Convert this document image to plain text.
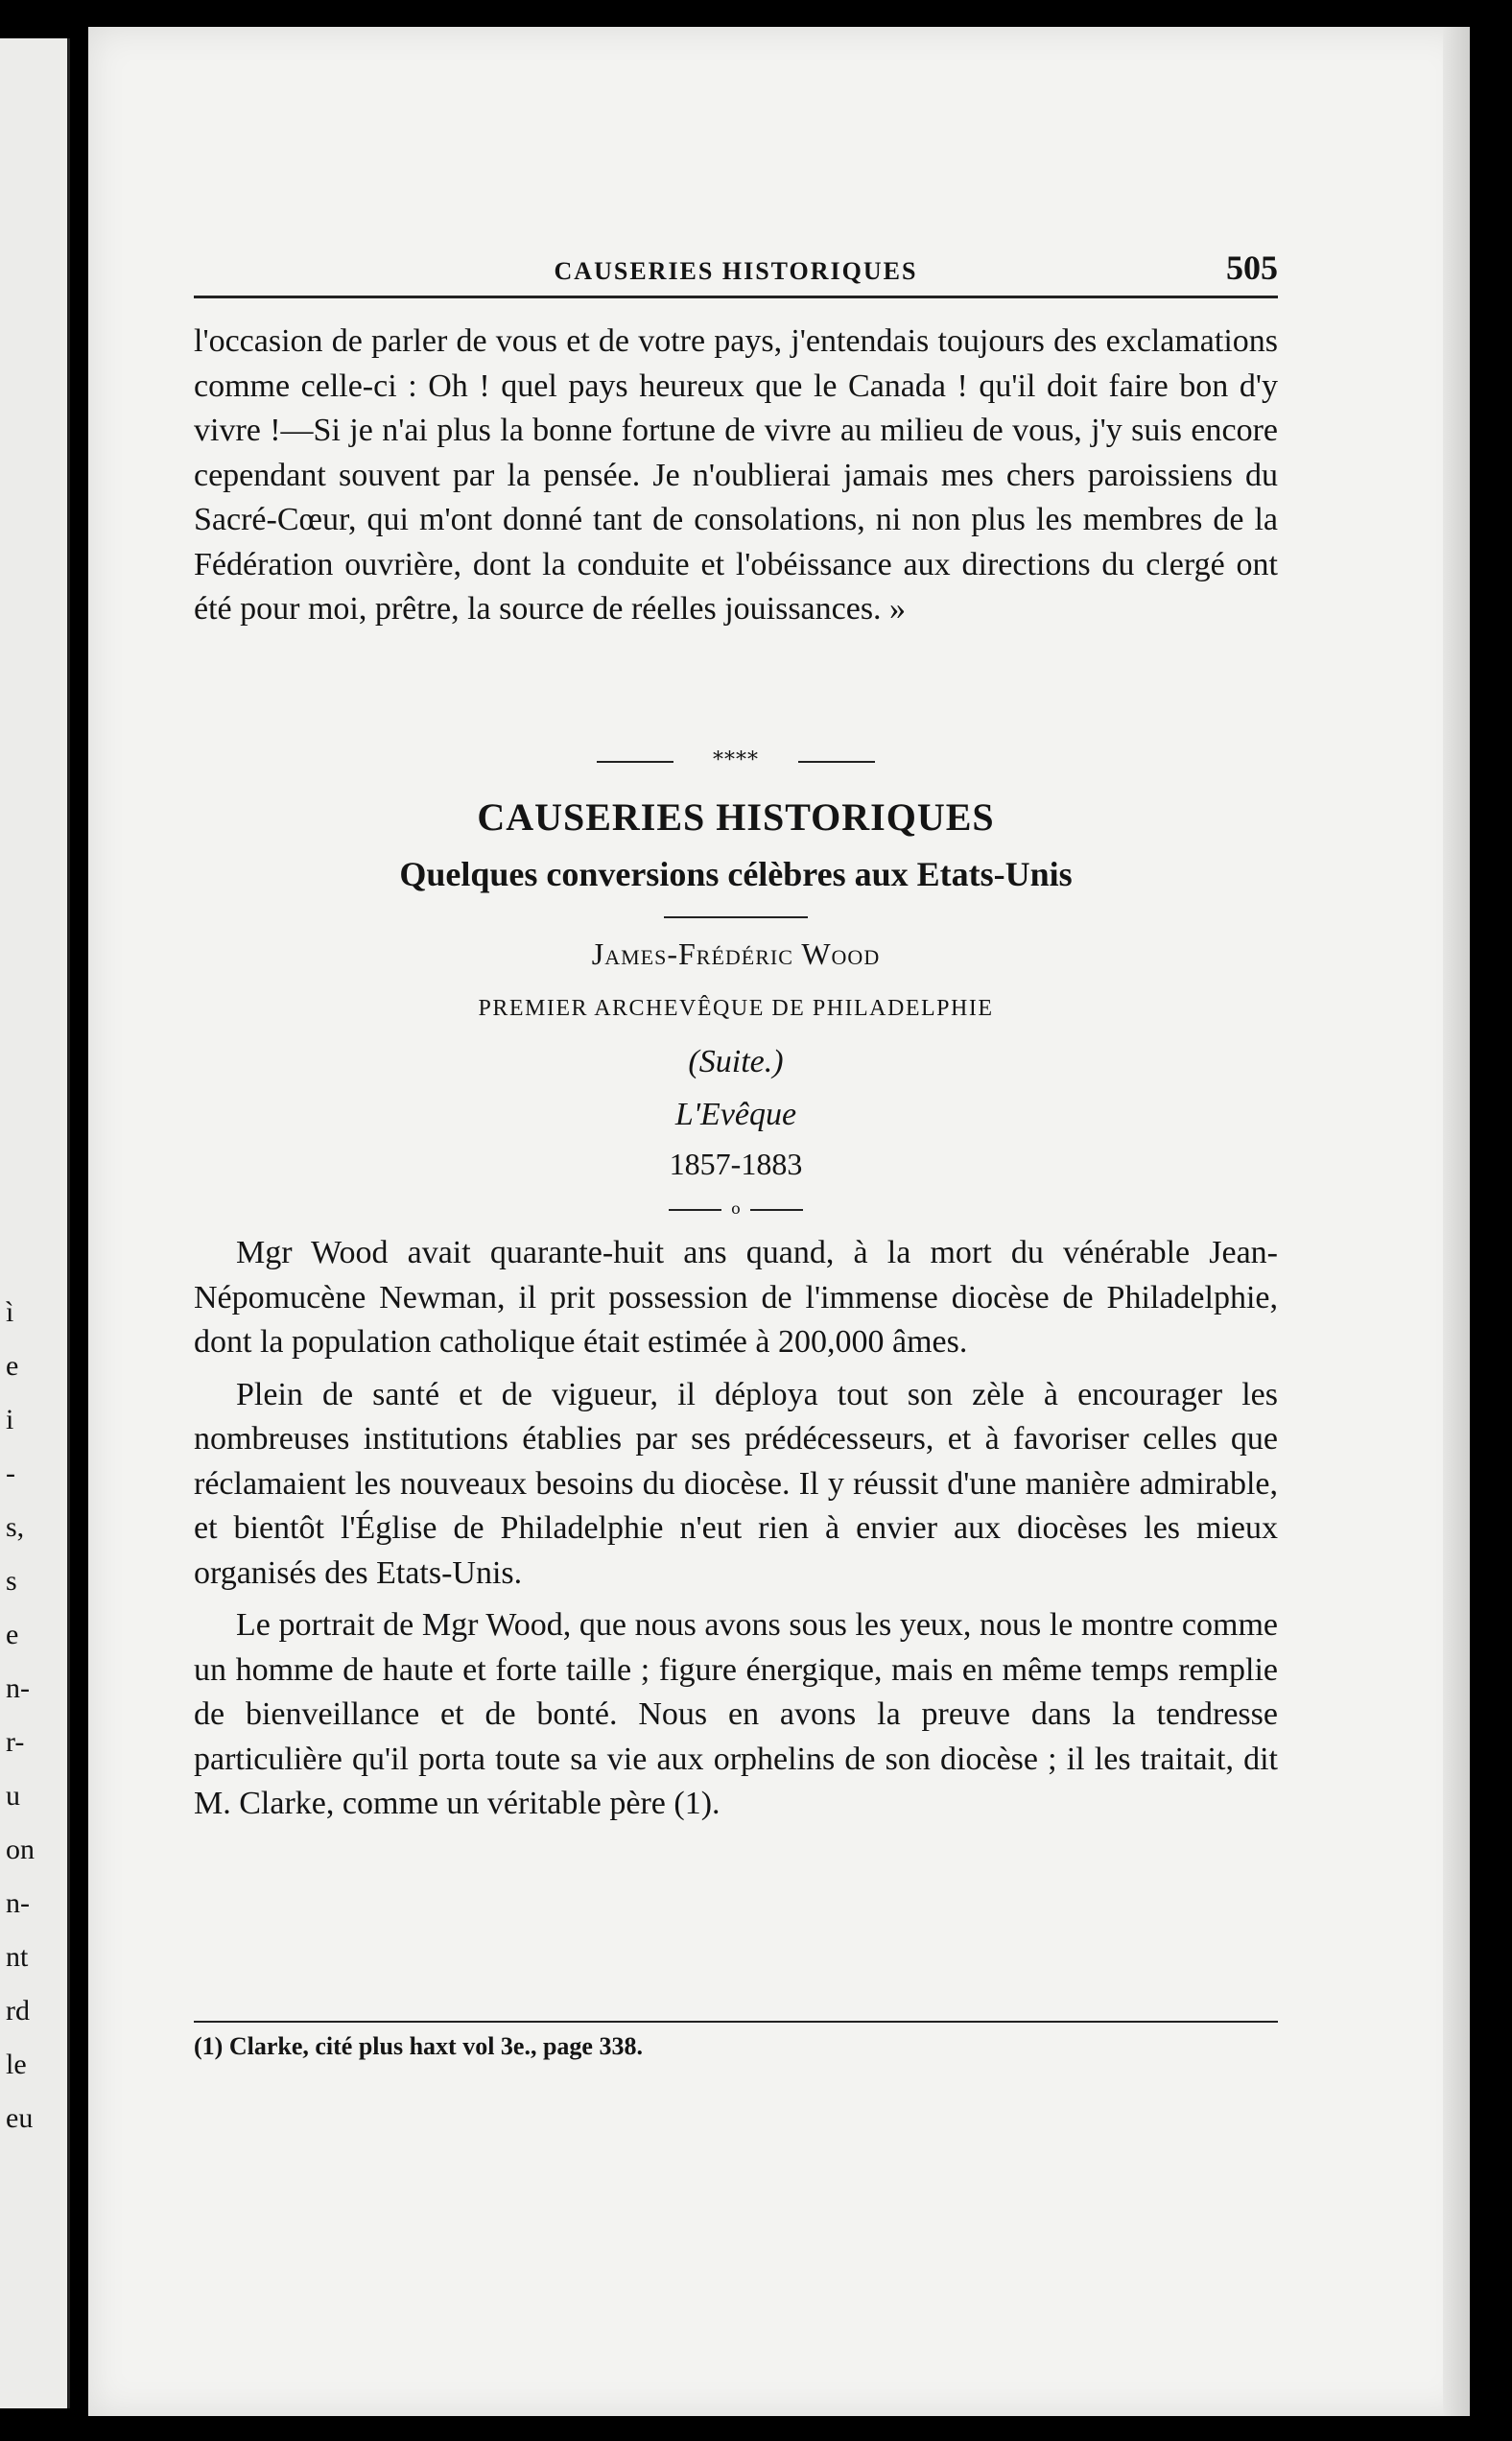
ì
e
i
-
s,
s
e
n-
r-
u
on
n-
nt
rd
le
eu
CAUSERIES HISTORIQUES	505

l'occasion de parler de vous et de votre pays, j'entendais toujours des exclamations comme celle-ci : Oh ! quel pays heureux que le Canada ! qu'il doit faire bon d'y vivre !—Si je n'ai plus la bonne fortune de vivre au milieu de vous, j'y suis encore cependant souvent par la pensée. Je n'oublierai jamais mes chers paroissiens du Sacré-Cœur, qui m'ont donné tant de consolations, ni non plus les membres de la Fédération ouvrière, dont la conduite et l'obéissance aux directions du clergé ont été pour moi, prêtre, la source de réelles jouissances. »

****
CAUSERIES HISTORIQUES
Quelques conversions célèbres aux Etats-Unis
James-Frédéric Wood
PREMIER ARCHEVÊQUE DE PHILADELPHIE
(Suite.)
L'Evêque
1857-1883
o

Mgr Wood avait quarante-huit ans quand, à la mort du vénérable Jean-Népomucène Newman, il prit possession de l'immense diocèse de Philadelphie, dont la population catholique était estimée à 200,000 âmes.

Plein de santé et de vigueur, il déploya tout son zèle à encourager les nombreuses institutions établies par ses prédécesseurs, et à favoriser celles que réclamaient les nouveaux besoins du diocèse. Il y réussit d'une manière admirable, et bientôt l'Église de Philadelphie n'eut rien à envier aux diocèses les mieux organisés des Etats-Unis.

Le portrait de Mgr Wood, que nous avons sous les yeux, nous le montre comme un homme de haute et forte taille ; figure énergique, mais en même temps remplie de bienveillance et de bonté. Nous en avons la preuve dans la tendresse particulière qu'il porta toute sa vie aux orphelins de son diocèse ; il les traitait, dit M. Clarke, comme un véritable père (1).

(1) Clarke, cité plus haxt vol 3e., page 338.
